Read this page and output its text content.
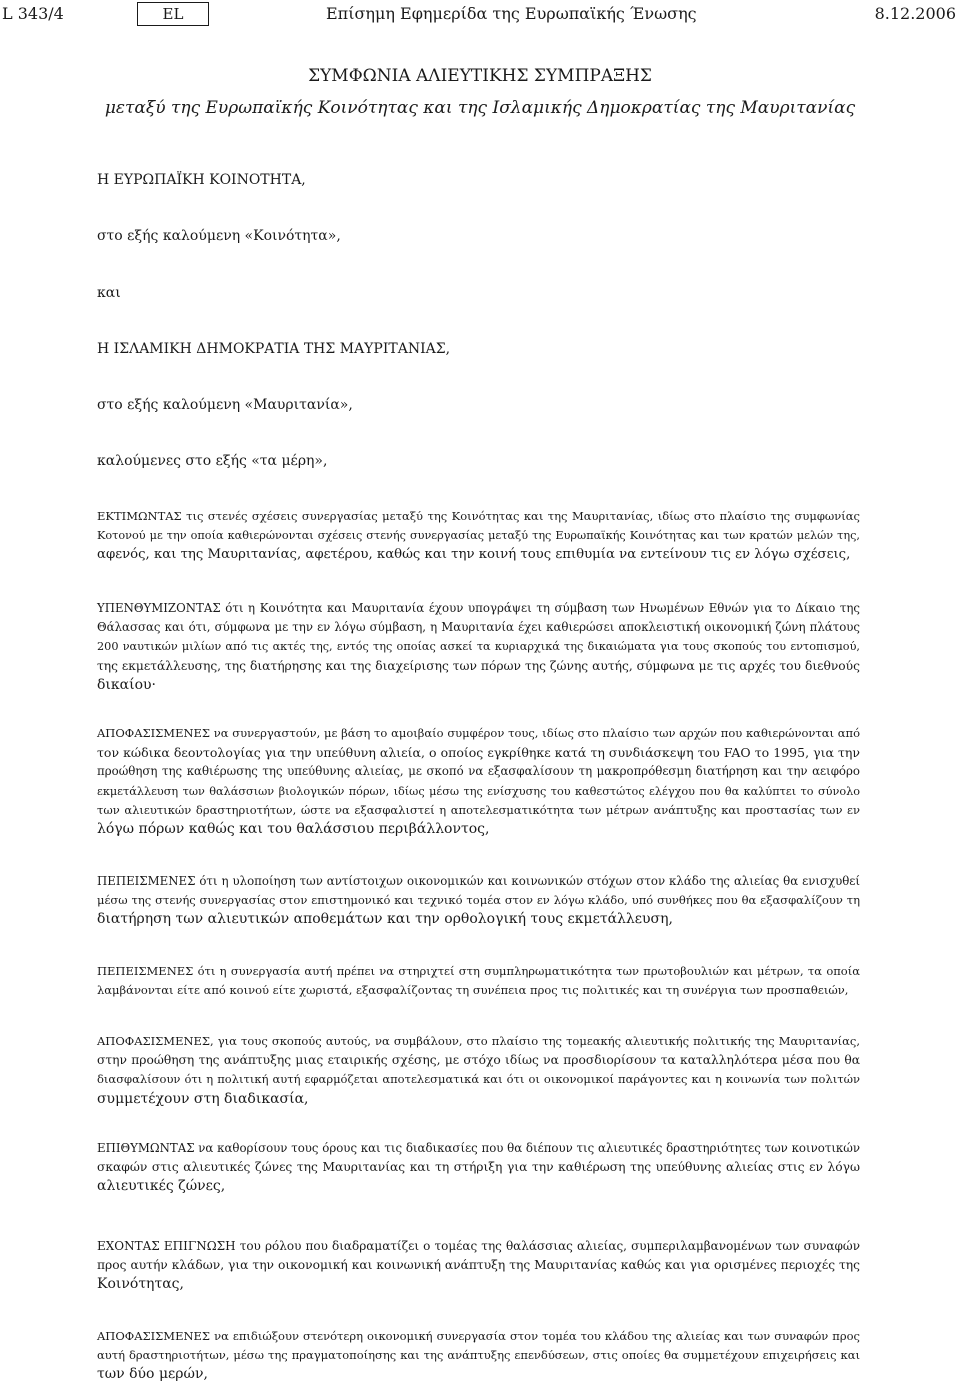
L 343/4	EL	Επίσημη Εφημερίδα της Ευρωπαϊκής Ένωσης	8.12.2006
ΣΥΜΦΩΝΙΑ ΑΛΙΕΥΤΙΚΗΣ ΣΥΜΠΡΑΞΗΣ
μεταξύ της Ευρωπαϊκής Κοινότητας και της Ισλαμικής Δημοκρατίας της Μαυριτανίας
Η ΕΥΡΩΠΑΪΚΗ ΚΟΙΝΟΤΗΤΑ,
στο εξής καλούμενη «Κοινότητα»,
και
Η ΙΣΛΑΜΙΚΗ ΔΗΜΟΚΡΑΤΙΑ ΤΗΣ ΜΑΥΡΙΤΑΝΙΑΣ,
στο εξής καλούμενη «Μαυριτανία»,
καλούμενες στο εξής «τα μέρη»,
ΕΚΤΙΜΩΝΤΑΣ τις στενές σχέσεις συνεργασίας μεταξύ της Κοινότητας και της Μαυριτανίας, ιδίως στο πλαίσιο της συμφωνίας
Κοτονού με την οποία καθιερώνονται σχέσεις στενής συνεργασίας μεταξύ της Ευρωπαϊκής Κοινότητας και των κρατών μελών της,
αφενός, και της Μαυριτανίας, αφετέρου, καθώς και την κοινή τους επιθυμία να εντείνουν τις εν λόγω σχέσεις,
ΥΠΕΝΘΥΜΙΖΟΝΤΑΣ ότι η Κοινότητα και Μαυριτανία έχουν υπογράψει τη σύμβαση των Ηνωμένων Εθνών για το Δίκαιο της
Θάλασσας και ότι, σύμφωνα με την εν λόγω σύμβαση, η Μαυριτανία έχει καθιερώσει αποκλειστική οικονομική ζώνη πλάτους
200 ναυτικών μιλίων από τις ακτές της, εντός της οποίας ασκεί τα κυριαρχικά της δικαιώματα για τους σκοπούς του εντοπισμού,
της εκμετάλλευσης, της διατήρησης και της διαχείρισης των πόρων της ζώνης αυτής, σύμφωνα με τις αρχές του διεθνούς
δικαίου·
ΑΠΟΦΑΣΙΣΜΕΝΕΣ να συνεργαστούν, με βάση το αμοιβαίο συμφέρον τους, ιδίως στο πλαίσιο των αρχών που καθιερώνονται από
τον κώδικα δεοντολογίας για την υπεύθυνη αλιεία, ο οποίος εγκρίθηκε κατά τη συνδιάσκεψη του FAO το 1995, για την
προώθηση της καθιέρωσης της υπεύθυνης αλιείας, με σκοπό να εξασφαλίσουν τη μακροπρόθεσμη διατήρηση και την αειφόρο
εκμετάλλευση των θαλάσσιων βιολογικών πόρων, ιδίως μέσω της ενίσχυσης του καθεστώτος ελέγχου που θα καλύπτει το σύνολο
των αλιευτικών δραστηριοτήτων, ώστε να εξασφαλιστεί η αποτελεσματικότητα των μέτρων ανάπτυξης και προστασίας των εν
λόγω πόρων καθώς και του θαλάσσιου περιβάλλοντος,
ΠΕΠΕΙΣΜΕΝΕΣ ότι η υλοποίηση των αντίστοιχων οικονομικών και κοινωνικών στόχων στον κλάδο της αλιείας θα ενισχυθεί
μέσω της στενής συνεργασίας στον επιστημονικό και τεχνικό τομέα στον εν λόγω κλάδο, υπό συνθήκες που θα εξασφαλίζουν τη
διατήρηση των αλιευτικών αποθεμάτων και την ορθολογική τους εκμετάλλευση,
ΠΕΠΕΙΣΜΕΝΕΣ ότι η συνεργασία αυτή πρέπει να στηριχτεί στη συμπληρωματικότητα των πρωτοβουλιών και μέτρων, τα οποία
λαμβάνονται είτε από κοινού είτε χωριστά, εξασφαλίζοντας τη συνέπεια προς τις πολιτικές και τη συνέργια των προσπαθειών,
ΑΠΟΦΑΣΙΣΜΕΝΕΣ, για τους σκοπούς αυτούς, να συμβάλουν, στο πλαίσιο της τομεακής αλιευτικής πολιτικής της Μαυριτανίας,
στην προώθηση της ανάπτυξης μιας εταιρικής σχέσης, με στόχο ιδίως να προσδιορίσουν τα καταλληλότερα μέσα που θα
διασφαλίσουν ότι η πολιτική αυτή εφαρμόζεται αποτελεσματικά και ότι οι οικονομικοί παράγοντες και η κοινωνία των πολιτών
συμμετέχουν στη διαδικασία,
ΕΠΙΘΥΜΩΝΤΑΣ να καθορίσουν τους όρους και τις διαδικασίες που θα διέπουν τις αλιευτικές δραστηριότητες των κοινοτικών
σκαφών στις αλιευτικές ζώνες της Μαυριτανίας και τη στήριξη για την καθιέρωση της υπεύθυνης αλιείας στις εν λόγω
αλιευτικές ζώνες,
ΕΧΟΝΤΑΣ ΕΠΙΓΝΩΣΗ του ρόλου που διαδραματίζει ο τομέας της θαλάσσιας αλιείας, συμπεριλαμβανομένων των συναφών
προς αυτήν κλάδων, για την οικονομική και κοινωνική ανάπτυξη της Μαυριτανίας καθώς και για ορισμένες περιοχές της
Κοινότητας,
ΑΠΟΦΑΣΙΣΜΕΝΕΣ να επιδιώξουν στενότερη οικονομική συνεργασία στον τομέα του κλάδου της αλιείας και των συναφών προς
αυτή δραστηριοτήτων, μέσω της πραγματοποίησης και της ανάπτυξης επενδύσεων, στις οποίες θα συμμετέχουν επιχειρήσεις και
των δύο μερών,
